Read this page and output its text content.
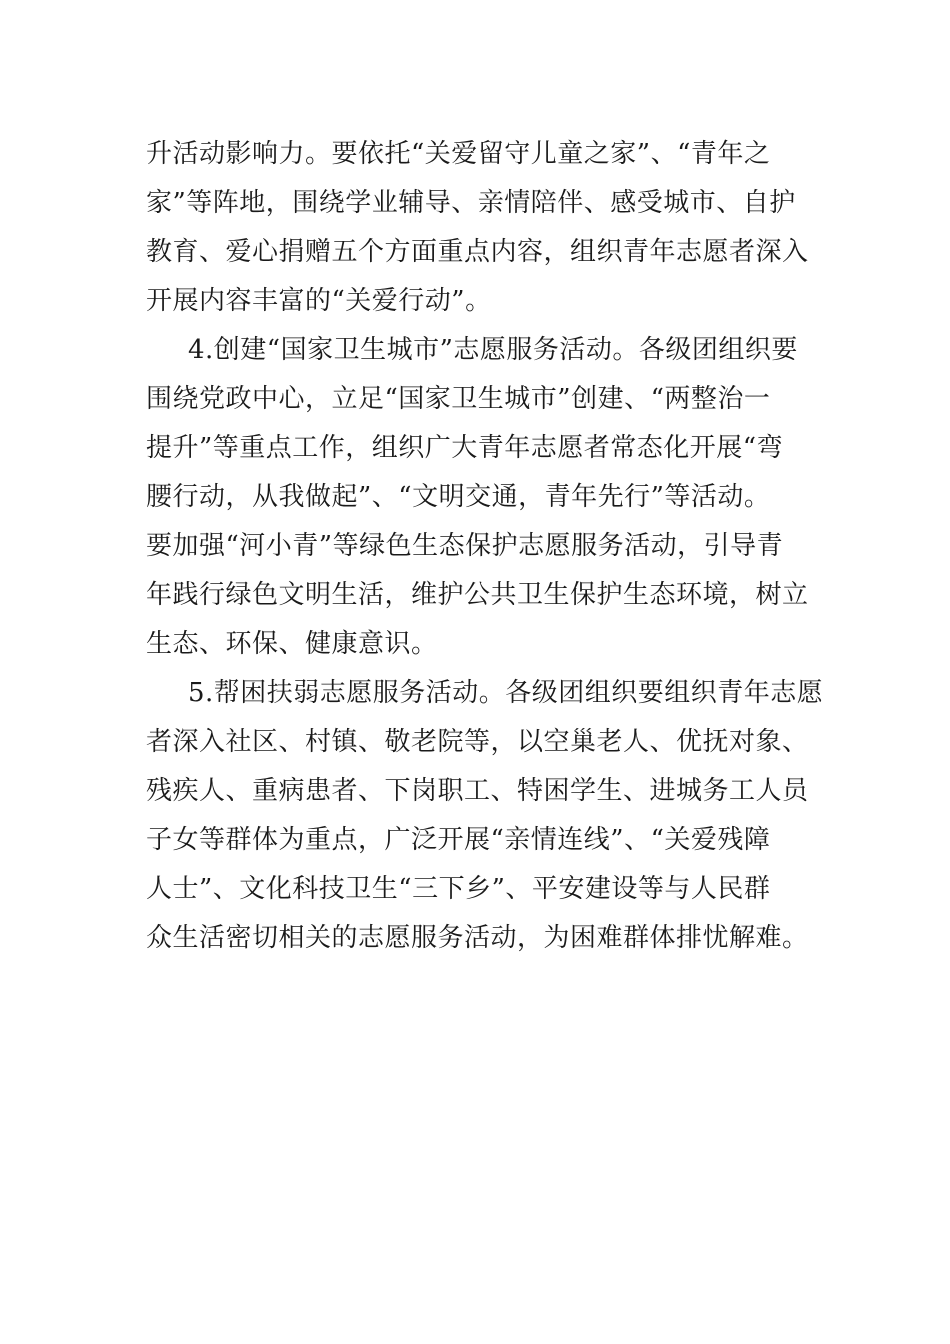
升活动影响力。要依托“关爱留守儿童之家”、“青年之
家”等阵地，围绕学业辅导、亲情陪伴、感受城市、自护
教育、爱心捐赠五个方面重点内容，组织青年志愿者深入
开展内容丰富的“关爱行动”。
4.创建“国家卫生城市”志愿服务活动。各级团组织要
围绕党政中心，立足“国家卫生城市”创建、“两整治一
提升”等重点工作，组织广大青年志愿者常态化开展“弯
腰行动，从我做起”、“文明交通，青年先行”等活动。
要加强“河小青”等绿色生态保护志愿服务活动，引导青
年践行绿色文明生活，维护公共卫生保护生态环境，树立
生态、环保、健康意识。
5.帮困扶弱志愿服务活动。各级团组织要组织青年志愿
者深入社区、村镇、敬老院等，以空巢老人、优抚对象、
残疾人、重病患者、下岗职工、特困学生、进城务工人员
子女等群体为重点，广泛开展“亲情连线”、“关爱残障
人士”、文化科技卫生“三下乡”、平安建设等与人民群
众生活密切相关的志愿服务活动，为困难群体排忧解难。
